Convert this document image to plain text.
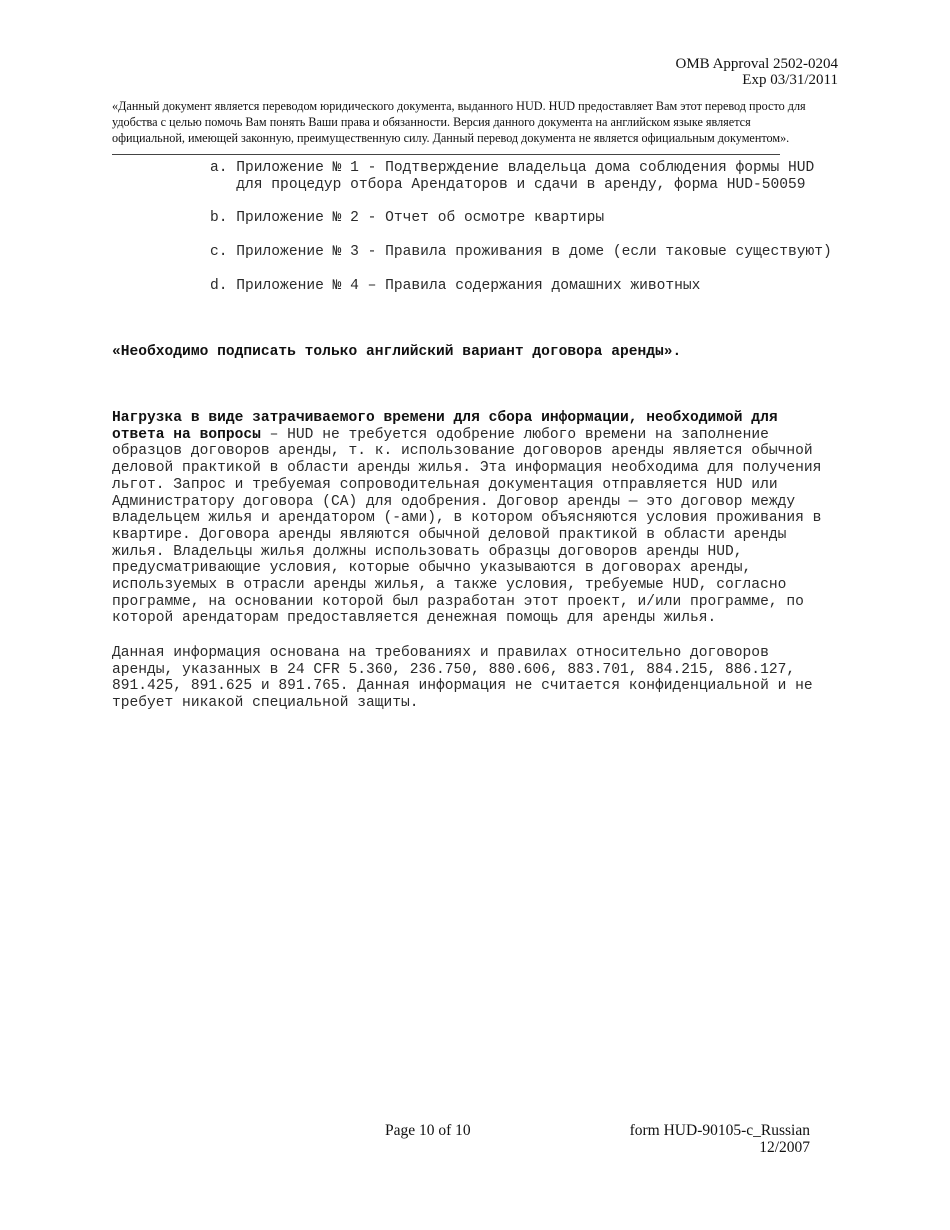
OMB Approval 2502-0204
Exp 03/31/2011
«Данный документ является переводом юридического документа, выданного HUD. HUD предоставляет Вам этот перевод просто для
удобства с целью помочь Вам понять Ваши права и обязанности. Версия данного документа на английском языке является
официальной, имеющей законную, преимущественную силу. Данный перевод документа не является официальным документом».
a. Приложение № 1 - Подтверждение владельца дома соблюдения формы HUD
для процедур отбора Арендаторов и сдачи в аренду, форма HUD-50059
b. Приложение № 2 - Отчет об осмотре квартиры
c. Приложение № 3 - Правила проживания в доме (если таковые существуют)
d. Приложение № 4 – Правила содержания домашних животных
«Необходимо подписать только английский вариант договора аренды».
Нагрузка в виде затрачиваемого времени для сбора информации, необходимой для
ответа на вопросы – HUD не требуется одобрение любого времени на заполнение
образцов договоров аренды, т. к. использование договоров аренды является обычной
деловой практикой в области аренды жилья. Эта информация необходима для получения
льгот. Запрос и требуемая сопроводительная документация отправляется HUD или
Администратору договора (CA) для одобрения. Договор аренды — это договор между
владельцем жилья и арендатором (-ами), в котором объясняются условия проживания в
квартире. Договора аренды являются обычной деловой практикой в области аренды
жилья. Владельцы жилья должны использовать образцы договоров аренды HUD,
предусматривающие условия, которые обычно указываются в договорах аренды,
используемых в отрасли аренды жилья, а также условия, требуемые HUD, согласно
программе, на основании которой был разработан этот проект, и/или программе, по
которой арендаторам предоставляется денежная помощь для аренды жилья.
Данная информация основана на требованиях и правилах относительно договоров
аренды, указанных в 24 CFR 5.360, 236.750, 880.606, 883.701, 884.215, 886.127,
891.425, 891.625 и 891.765. Данная информация не считается конфиденциальной и не
требует никакой специальной защиты.
Page 10 of 10	form HUD-90105-c_Russian
12/2007
